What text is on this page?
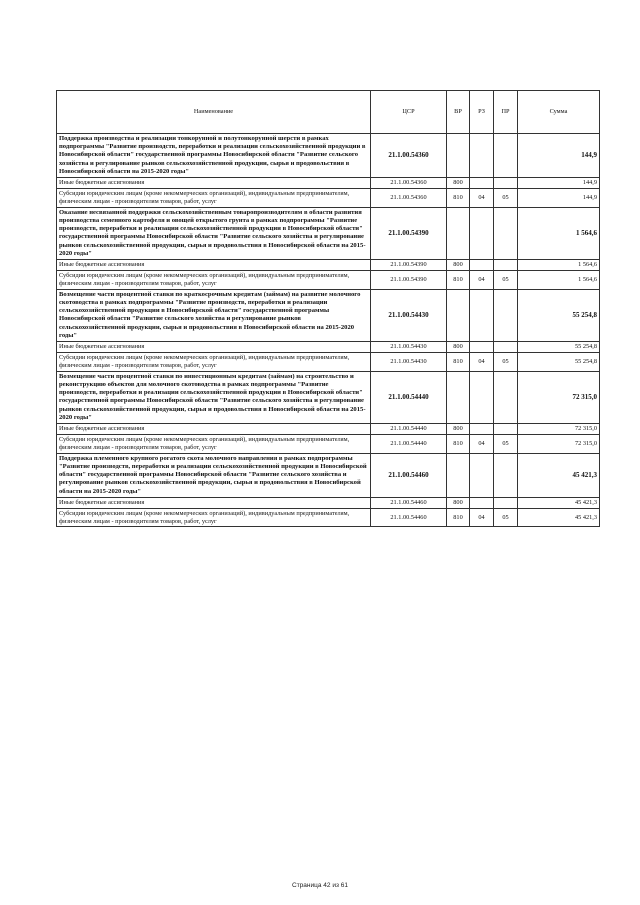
Наименование	ЦСР	ВР	РЗ	ПР	Сумма
Поддержка производства и реализации тонкорунной и полутонкорунной шерсти в рамках подпрограммы "Развитие производств, переработки и реализации сельскохозяйственной продукции в Новосибирской области" государственной программы Новосибирской области "Развитие сельского хозяйства и регулирование рынков сельскохозяйственной продукции, сырья и продовольствия в Новосибирской области на 2015-2020 годы"	21.1.00.54360				144,9
Иные бюджетные ассигнования	21.1.00.54360	800			144,9
Субсидии юридическим лицам (кроме некоммерческих организаций), индивидуальным предпринимателям, физическим лицам - производителям товаров, работ, услуг	21.1.00.54360	810	04	05	144,9
Оказание несвязанной поддержки сельскохозяйственным товаропроизводителям в области развития производства семенного картофеля и овощей открытого грунта в рамках подпрограммы "Развитие производств, переработки и реализации сельскохозяйственной продукции в Новосибирской области" государственной программы Новосибирской области "Развитие сельского хозяйства и регулирование рынков сельскохозяйственной продукции, сырья и продовольствия в Новосибирской области на 2015-2020 годы"	21.1.00.54390				1 564,6
Иные бюджетные ассигнования	21.1.00.54390	800			1 564,6
Субсидии юридическим лицам (кроме некоммерческих организаций), индивидуальным предпринимателям, физическим лицам - производителям товаров, работ, услуг	21.1.00.54390	810	04	05	1 564,6
Возмещение части процентной ставки по краткосрочным кредитам (займам) на развитие молочного скотоводства в рамках подпрограммы "Развитие производств, переработки и реализации сельскохозяйственной продукции в Новосибирской области" государственной программы Новосибирской области "Развитие сельского хозяйства и регулирование рынков сельскохозяйственной продукции, сырья и продовольствия в Новосибирской области на 2015-2020 годы"	21.1.00.54430				55 254,8
Иные бюджетные ассигнования	21.1.00.54430	800			55 254,8
Субсидии юридическим лицам (кроме некоммерческих организаций), индивидуальным предпринимателям, физическим лицам - производителям товаров, работ, услуг	21.1.00.54430	810	04	05	55 254,8
Возмещение части процентной ставки по инвестиционным кредитам (займам) на строительство и реконструкцию объектов для молочного скотоводства в рамках подпрограммы "Развитие производств, переработки и реализации сельскохозяйственной продукции в Новосибирской области" государственной программы Новосибирской области "Развитие сельского хозяйства и регулирование рынков сельскохозяйственной продукции, сырья и продовольствия в Новосибирской области на 2015-2020 годы"	21.1.00.54440				72 315,0
Иные бюджетные ассигнования	21.1.00.54440	800			72 315,0
Субсидии юридическим лицам (кроме некоммерческих организаций), индивидуальным предпринимателям, физическим лицам - производителям товаров, работ, услуг	21.1.00.54440	810	04	05	72 315,0
Поддержка племенного крупного рогатого скота молочного направления в рамках подпрограммы "Развитие производств, переработки и реализации сельскохозяйственной продукции в Новосибирской области" государственной программы Новосибирской области "Развитие сельского хозяйства и регулирование рынков сельскохозяйственной продукции, сырья и продовольствия в Новосибирской области на 2015-2020 годы"	21.1.00.54460				45 421,3
Иные бюджетные ассигнования	21.1.00.54460	800			45 421,3
Субсидии юридическим лицам (кроме некоммерческих организаций), индивидуальным предпринимателям, физическим лицам - производителям товаров, работ, услуг	21.1.00.54460	810	04	05	45 421,3
Страница 42 из 61
